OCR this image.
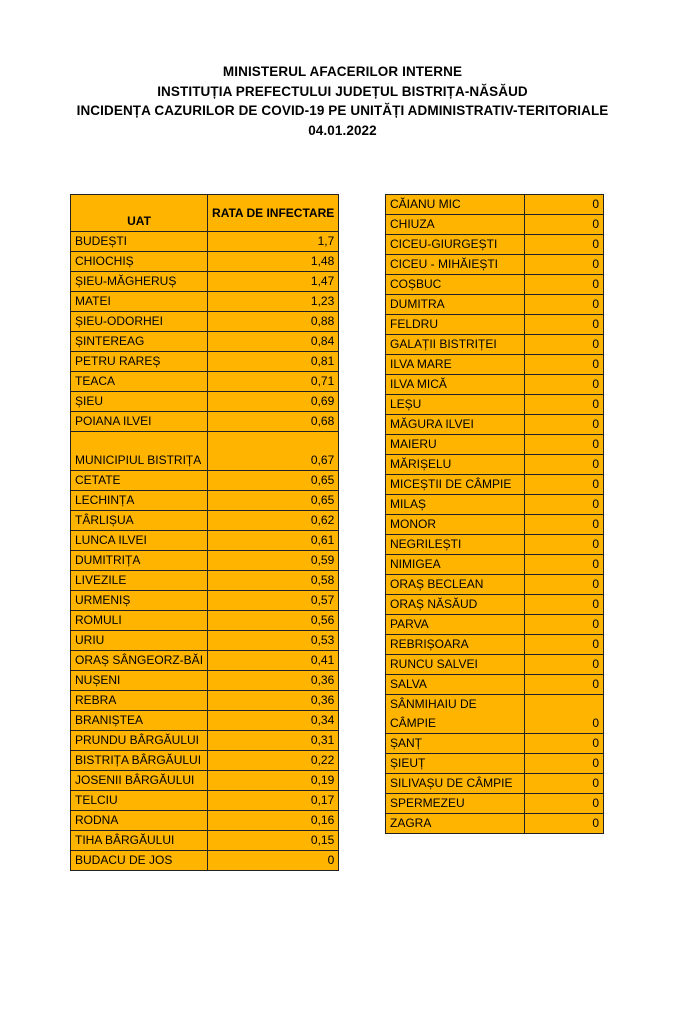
MINISTERUL AFACERILOR INTERNE
INSTITUȚIA PREFECTULUI JUDEȚUL BISTRIȚA-NĂSĂUD
INCIDENȚA CAZURILOR DE COVID-19 PE UNITĂȚI ADMINISTRATIV-TERITORIALE
04.01.2022
UAT	RATA DE INFECTARE
BUDEȘTI	1,7
CHIOCHIȘ	1,48
ȘIEU-MĂGHERUȘ	1,47
MATEI	1,23
ȘIEU-ODORHEI	0,88
ȘINTEREAG	0,84
PETRU RAREȘ	0,81
TEACA	0,71
ȘIEU	0,69
POIANA ILVEI	0,68
MUNICIPIUL BISTRIȚA	0,67
CETATE	0,65
LECHINȚA	0,65
TÂRLIȘUA	0,62
LUNCA ILVEI	0,61
DUMITRIȚA	0,59
LIVEZILE	0,58
URMENIȘ	0,57
ROMULI	0,56
URIU	0,53
ORAȘ SÂNGEORZ-BĂI	0,41
NUȘENI	0,36
REBRA	0,36
BRANIȘTEA	0,34
PRUNDU BÂRGĂULUI	0,31
BISTRIȚA BÂRGĂULUI	0,22
JOSENII BÂRGĂULUI	0,19
TELCIU	0,17
RODNA	0,16
TIHA BÂRGĂULUI	0,15
BUDACU DE JOS	0
CĂIANU MIC	0
CHIUZA	0
CICEU-GIURGEȘTI	0
CICEU - MIHĂIEȘTI	0
COȘBUC	0
DUMITRA	0
FELDRU	0
GALAȚII BISTRIȚEI	0
ILVA MARE	0
ILVA MICĂ	0
LEȘU	0
MĂGURA ILVEI	0
MAIERU	0
MĂRIȘELU	0
MICEȘTII DE CÂMPIE	0
MILAȘ	0
MONOR	0
NEGRILEȘTI	0
NIMIGEA	0
ORAȘ BECLEAN	0
ORAȘ NĂSĂUD	0
PARVA	0
REBRIȘOARA	0
RUNCU SALVEI	0
SALVA	0
SÂNMIHAIU DE CÂMPIE	0
ȘANȚ	0
ȘIEUȚ	0
SILIVAȘU DE CÂMPIE	0
SPERMEZEU	0
ZAGRA	0
